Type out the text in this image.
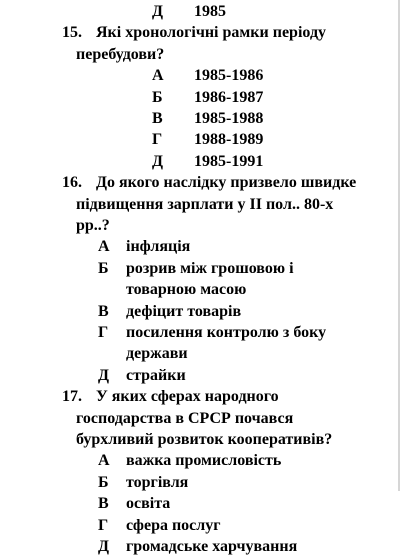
Д 1985
15. Які хронологічні рамки періоду
перебудови?
А 1985-1986
Б 1986-1987
В 1985-1988
Г 1988-1989
Д 1985-1991
16. До якого наслідку призвело швидке
підвищення зарплати у ІІ пол.. 80-х
рр..?
А інфляція
Б розрив між грошовою і
товарною масою
В дефіцит товарів
Г посилення контролю з боку
держави
Д страйки
17. У яких сферах народного
господарства в СРСР почався
бурхливий розвиток кооперативів?
А важка промисловість
Б торгівля
В освіта
Г сфера послуг
Д громадське харчування
